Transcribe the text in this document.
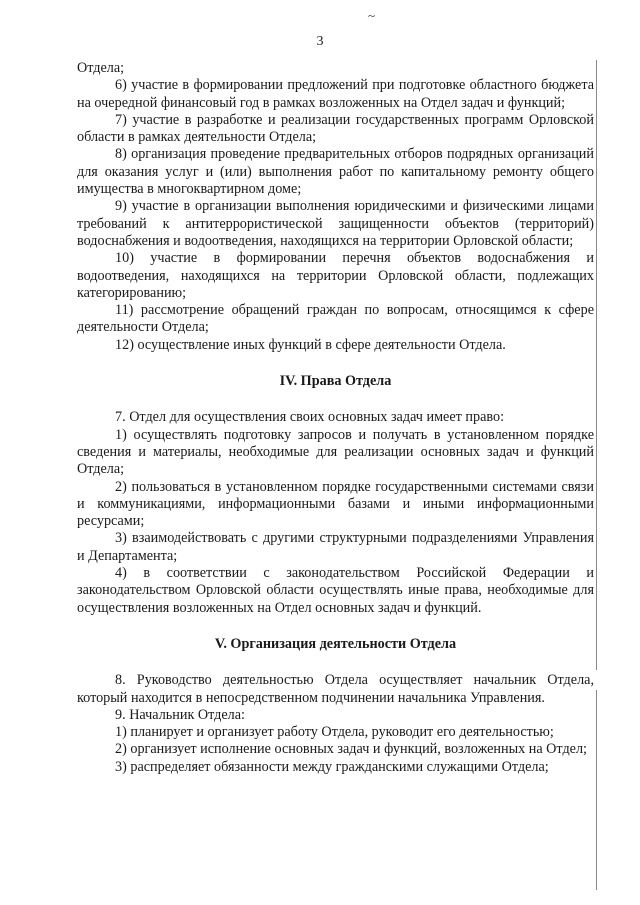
~
3

Отдела;

6) участие в формировании предложений при подготовке областного бюджета на очередной финансовый год в рамках возложенных на Отдел задач и функций;

7) участие в разработке и реализации государственных программ Орловской области в рамках деятельности Отдела;

8) организация проведение предварительных отборов подрядных организаций для оказания услуг и (или) выполнения работ по капитальному ремонту общего имущества в многоквартирном доме;

9) участие в организации выполнения юридическими и физическими лицами требований к антитеррористической защищенности объектов (территорий) водоснабжения и водоотведения, находящихся на территории Орловской области;

10) участие в формировании перечня объектов водоснабжения и водоотведения, находящихся на территории Орловской области, подлежащих категорированию;

11) рассмотрение обращений граждан по вопросам, относящимся к сфере деятельности Отдела;

12) осуществление иных функций в сфере деятельности Отдела.

IV. Права Отдела

7. Отдел для осуществления своих основных задач имеет право:

1) осуществлять подготовку запросов и получать в установленном порядке сведения и материалы, необходимые для реализации основных задач и функций Отдела;

2) пользоваться в установленном порядке государственными системами связи и коммуникациями, информационными базами и иными информационными ресурсами;

3) взаимодействовать с другими структурными подразделениями Управления и Департамента;

4) в соответствии с законодательством Российской Федерации и законодательством Орловской области осуществлять иные права, необходимые для осуществления возложенных на Отдел основных задач и функций.

V. Организация деятельности Отдела

8. Руководство деятельностью Отдела осуществляет начальник Отдела, который находится в непосредственном подчинении начальника Управления.

9. Начальник Отдела:

1) планирует и организует работу Отдела, руководит его деятельностью;

2) организует исполнение основных задач и функций, возложенных на Отдел;

3) распределяет обязанности между гражданскими служащими Отдела;
